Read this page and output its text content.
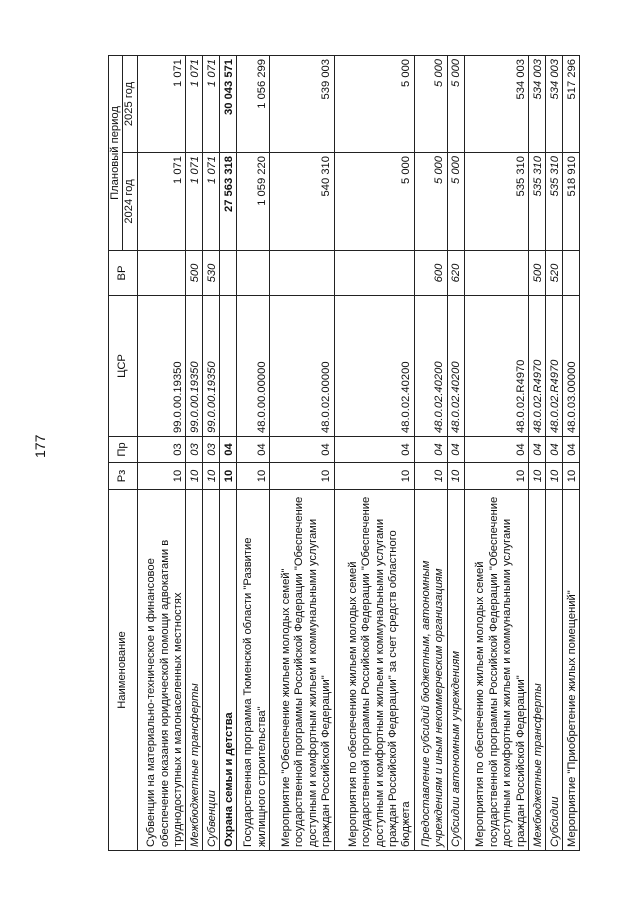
177
Наименование	Рз	Пр	ЦСР	ВР	Плановый период	
					2024 год	2025 год
Субвенции на материально-техническое и финансовое обеспечение оказания юридической помощи адвокатами в труднодоступных и малонаселенных местностях	10	03	99.0.00.19350		1 071	1 071
Межбюджетные трансферты	10	03	99.0.00.19350	500	1 071	1 071
Субвенции	10	03	99.0.00.19350	530	1 071	1 071
Охрана семьи и детства	10	04			27 563 318	30 043 571
Государственная программа Тюменской области "Развитие жилищного строительства"	10	04	48.0.00.00000		1 059 220	1 056 299
Мероприятие "Обеспечение жильем молодых семей" государственной программы Российской Федерации "Обеспечение доступным и комфортным жильем и коммунальными услугами граждан Российской Федерации"	10	04	48.0.02.00000		540 310	539 003
Мероприятия по обеспечению жильем молодых семей государственной программы Российской Федерации "Обеспечение доступным и комфортным жильем и коммунальными услугами граждан Российской Федерации" за счет средств областного бюджета	10	04	48.0.02.40200		5 000	5 000
Предоставление субсидий бюджетным, автономным учреждениям и иным некоммерческим организациям	10	04	48.0.02.40200	600	5 000	5 000
Субсидии автономным учреждениям	10	04	48.0.02.40200	620	5 000	5 000
Мероприятия по обеспечению жильем молодых семей государственной программы Российской Федерации "Обеспечение доступным и комфортным жильем и коммунальными услугами граждан Российской Федерации"	10	04	48.0.02.R4970		535 310	534 003
Межбюджетные трансферты	10	04	48.0.02.R4970	500	535 310	534 003
Субсидии	10	04	48.0.02.R4970	520	535 310	534 003
Мероприятие "Приобретение жилых помещений"	10	04	48.0.03.00000		518 910	517 296
